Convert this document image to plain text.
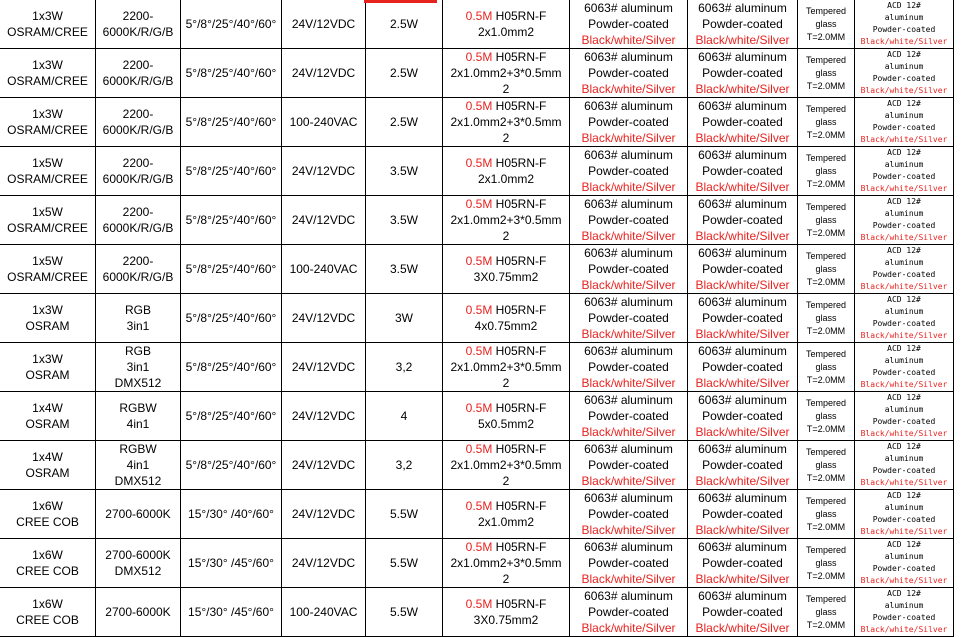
1x3W
OSRAM/CREE	2200-
6000K/R/G/B	5°/8°/25°/40°/60°	24V/12VDC	2.5W	0.5M H05RN-F
2x1.0mm2	6063# aluminum
Powder-coated
Black/white/Silver	6063# aluminum
Powder-coated
Black/white/Silver	Tempered
glass
T=2.0MM	ACD 12#
aluminum
Powder-coated
Black/white/Silver

1x3W
OSRAM/CREE	2200-
6000K/R/G/B	5°/8°/25°/40°/60°	24V/12VDC	2.5W	0.5M H05RN-F
2x1.0mm2+3*0.5mm
2	6063# aluminum
Powder-coated
Black/white/Silver	6063# aluminum
Powder-coated
Black/white/Silver	Tempered
glass
T=2.0MM	ACD 12#
aluminum
Powder-coated
Black/white/Silver

1x3W
OSRAM/CREE	2200-
6000K/R/G/B	5°/8°/25°/40°/60°	100-240VAC	2.5W	0.5M H05RN-F
2x1.0mm2+3*0.5mm
2	6063# aluminum
Powder-coated
Black/white/Silver	6063# aluminum
Powder-coated
Black/white/Silver	Tempered
glass
T=2.0MM	ACD 12#
aluminum
Powder-coated
Black/white/Silver

1x5W
OSRAM/CREE	2200-
6000K/R/G/B	5°/8°/25°/40°/60°	24V/12VDC	3.5W	0.5M H05RN-F
2x1.0mm2	6063# aluminum
Powder-coated
Black/white/Silver	6063# aluminum
Powder-coated
Black/white/Silver	Tempered
glass
T=2.0MM	ACD 12#
aluminum
Powder-coated
Black/white/Silver

1x5W
OSRAM/CREE	2200-
6000K/R/G/B	5°/8°/25°/40°/60°	24V/12VDC	3.5W	0.5M H05RN-F
2x1.0mm2+3*0.5mm
2	6063# aluminum
Powder-coated
Black/white/Silver	6063# aluminum
Powder-coated
Black/white/Silver	Tempered
glass
T=2.0MM	ACD 12#
aluminum
Powder-coated
Black/white/Silver

1x5W
OSRAM/CREE	2200-
6000K/R/G/B	5°/8°/25°/40°/60°	100-240VAC	3.5W	0.5M H05RN-F
3X0.75mm2	6063# aluminum
Powder-coated
Black/white/Silver	6063# aluminum
Powder-coated
Black/white/Silver	Tempered
glass
T=2.0MM	ACD 12#
aluminum
Powder-coated
Black/white/Silver

1x3W
OSRAM	RGB
3in1	5°/8°/25°/40°/60°	24V/12VDC	3W	0.5M H05RN-F
4x0.75mm2	6063# aluminum
Powder-coated
Black/white/Silver	6063# aluminum
Powder-coated
Black/white/Silver	Tempered
glass
T=2.0MM	ACD 12#
aluminum
Powder-coated
Black/white/Silver

1x3W
OSRAM	RGB
3in1
DMX512	5°/8°/25°/40°/60°	24V/12VDC	3,2	0.5M H05RN-F
2x1.0mm2+3*0.5mm
2	6063# aluminum
Powder-coated
Black/white/Silver	6063# aluminum
Powder-coated
Black/white/Silver	Tempered
glass
T=2.0MM	ACD 12#
aluminum
Powder-coated
Black/white/Silver

1x4W
OSRAM	RGBW
4in1	5°/8°/25°/40°/60°	24V/12VDC	4	0.5M H05RN-F
5x0.5mm2	6063# aluminum
Powder-coated
Black/white/Silver	6063# aluminum
Powder-coated
Black/white/Silver	Tempered
glass
T=2.0MM	ACD 12#
aluminum
Powder-coated
Black/white/Silver

1x4W
OSRAM	RGBW
4in1
DMX512	5°/8°/25°/40°/60°	24V/12VDC	3,2	0.5M H05RN-F
2x1.0mm2+3*0.5mm
2	6063# aluminum
Powder-coated
Black/white/Silver	6063# aluminum
Powder-coated
Black/white/Silver	Tempered
glass
T=2.0MM	ACD 12#
aluminum
Powder-coated
Black/white/Silver

1x6W
CREE COB	2700-6000K	15°/30° /40°/60°	24V/12VDC	5.5W	0.5M H05RN-F
2x1.0mm2	6063# aluminum
Powder-coated
Black/white/Silver	6063# aluminum
Powder-coated
Black/white/Silver	Tempered
glass
T=2.0MM	ACD 12#
aluminum
Powder-coated
Black/white/Silver

1x6W
CREE COB	2700-6000K
DMX512	15°/30° /45°/60°	24V/12VDC	5.5W	0.5M H05RN-F
2x1.0mm2+3*0.5mm
2	6063# aluminum
Powder-coated
Black/white/Silver	6063# aluminum
Powder-coated
Black/white/Silver	Tempered
glass
T=2.0MM	ACD 12#
aluminum
Powder-coated
Black/white/Silver

1x6W
CREE COB	2700-6000K	15°/30° /45°/60°	100-240VAC	5.5W	0.5M H05RN-F
3X0.75mm2	6063# aluminum
Powder-coated
Black/white/Silver	6063# aluminum
Powder-coated
Black/white/Silver	Tempered
glass
T=2.0MM	ACD 12#
aluminum
Powder-coated
Black/white/Silver
